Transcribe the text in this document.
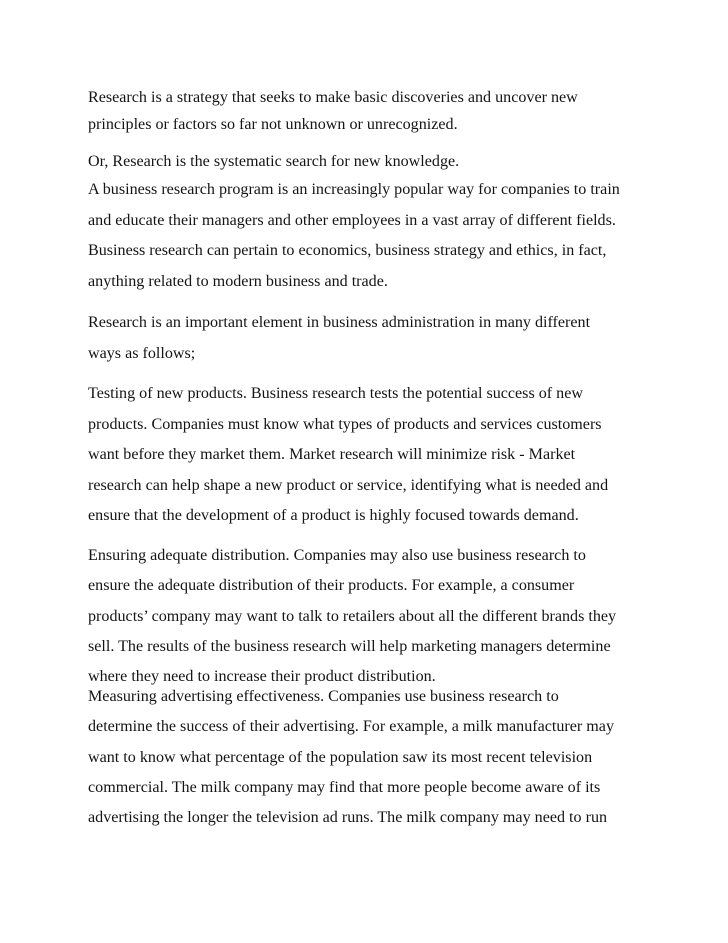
Research is a strategy that seeks to make basic discoveries and uncover new
principles or factors so far not unknown or unrecognized.
Or, Research is the systematic search for new knowledge.
A business research program is an increasingly popular way for companies to train
and educate their managers and other employees in a vast array of different fields.
Business research can pertain to economics, business strategy and ethics, in fact,
anything related to modern business and trade.
Research is an important element in business administration in many different
ways as follows;
Testing of new products. Business research tests the potential success of new
products. Companies must know what types of products and services customers
want before they market them. Market research will minimize risk - Market
research can help shape a new product or service, identifying what is needed and
ensure that the development of a product is highly focused towards demand.
Ensuring adequate distribution. Companies may also use business research to
ensure the adequate distribution of their products. For example, a consumer
products’ company may want to talk to retailers about all the different brands they
sell. The results of the business research will help marketing managers determine
where they need to increase their product distribution.
Measuring advertising effectiveness. Companies use business research to
determine the success of their advertising. For example, a milk manufacturer may
want to know what percentage of the population saw its most recent television
commercial. The milk company may find that more people become aware of its
advertising the longer the television ad runs. The milk company may need to run
